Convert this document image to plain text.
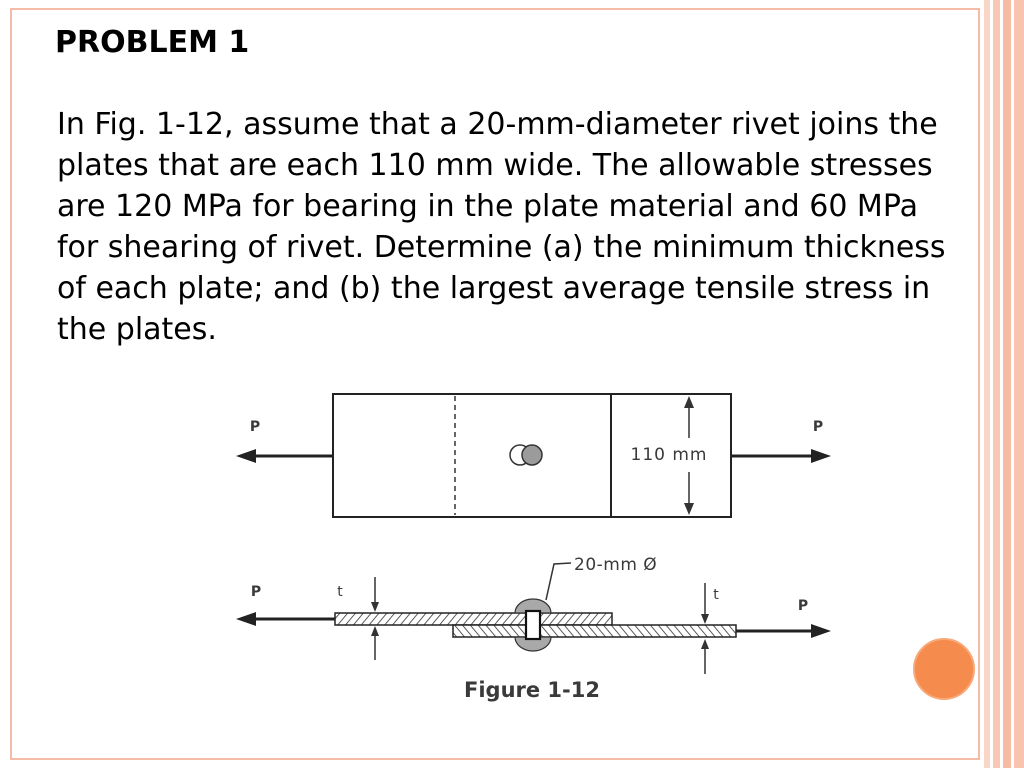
PROBLEM 1
In Fig. 1-12, assume that a 20-mm-diameter rivet joins the
plates that are each 110 mm wide. The allowable stresses
are 120 MPa for bearing in the plate material and 60 MPa
for shearing of rivet. Determine (a) the minimum thickness
of each plate; and (b) the largest average tensile stress in
the plates.
110 mm
P	P
20-mm Ø
P
P
t	t
Figure 1-12
